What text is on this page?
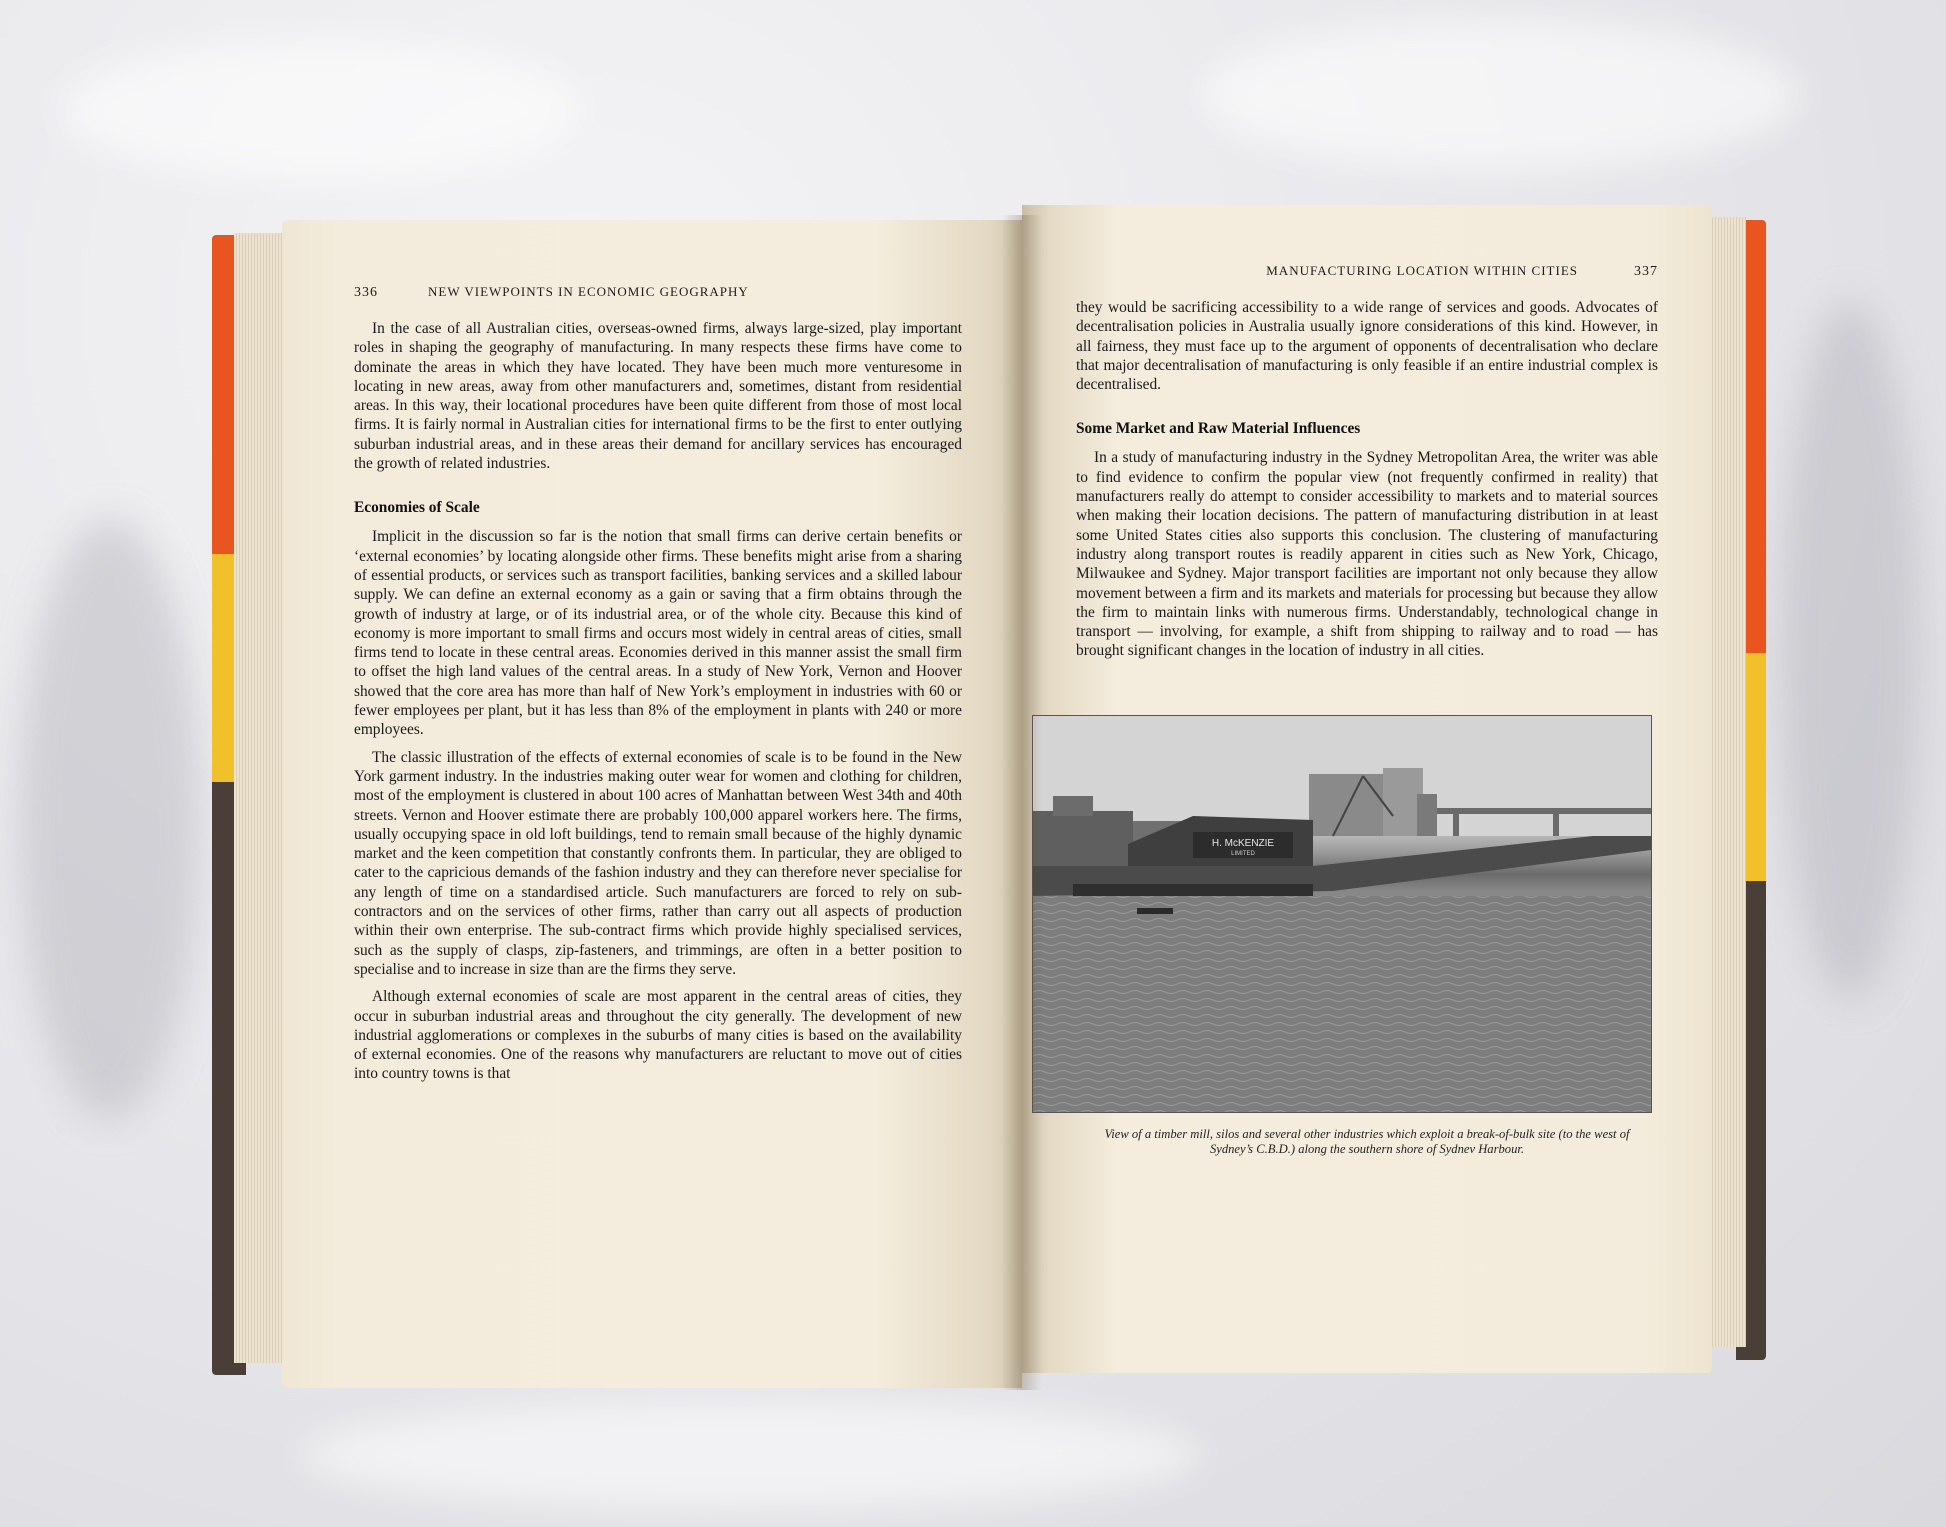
336	NEW VIEWPOINTS IN ECONOMIC GEOGRAPHY

In the case of all Australian cities, overseas-owned firms, always large-sized, play important roles in shaping the geography of manufacturing. In many respects these firms have come to dominate the areas in which they have located. They have been much more venturesome in locating in new areas, away from other manufacturers and, sometimes, distant from residential areas. In this way, their locational procedures have been quite different from those of most local firms. It is fairly normal in Australian cities for international firms to be the first to enter outlying suburban industrial areas, and in these areas their demand for ancillary services has encouraged the growth of related industries.

Economies of Scale

Implicit in the discussion so far is the notion that small firms can derive certain benefits or ‘external economies’ by locating alongside other firms. These benefits might arise from a sharing of essential products, or services such as transport facilities, banking services and a skilled labour supply. We can define an external economy as a gain or saving that a firm obtains through the growth of industry at large, or of its industrial area, or of the whole city. Because this kind of economy is more important to small firms and occurs most widely in central areas of cities, small firms tend to locate in these central areas. Economies derived in this manner assist the small firm to offset the high land values of the central areas. In a study of New York, Vernon and Hoover showed that the core area has more than half of New York’s employment in industries with 60 or fewer employees per plant, but it has less than 8% of the employment in plants with 240 or more employees.

The classic illustration of the effects of external economies of scale is to be found in the New York garment industry. In the industries making outer wear for women and clothing for children, most of the employment is clustered in about 100 acres of Manhattan between West 34th and 40th streets. Vernon and Hoover estimate there are probably 100,000 apparel workers here. The firms, usually occupying space in old loft buildings, tend to remain small because of the highly dynamic market and the keen competition that constantly confronts them. In particular, they are obliged to cater to the capricious demands of the fashion industry and they can therefore never specialise for any length of time on a standardised article. Such manufacturers are forced to rely on sub-contractors and on the services of other firms, rather than carry out all aspects of production within their own enterprise. The sub-contract firms which provide highly specialised services, such as the supply of clasps, zip-fasteners, and trimmings, are often in a better position to specialise and to increase in size than are the firms they serve.

Although external economies of scale are most apparent in the central areas of cities, they occur in suburban industrial areas and throughout the city generally. The development of new industrial agglomerations or complexes in the suburbs of many cities is based on the availability of external economies. One of the reasons why manufacturers are reluctant to move out of cities into country towns is that

MANUFACTURING LOCATION WITHIN CITIES	337

they would be sacrificing accessibility to a wide range of services and goods. Advocates of decentralisation policies in Australia usually ignore considerations of this kind. However, in all fairness, they must face up to the argument of opponents of decentralisation who declare that major decentralisation of manufacturing is only feasible if an entire industrial complex is decentralised.

Some Market and Raw Material Influences

In a study of manufacturing industry in the Sydney Metropolitan Area, the writer was able to find evidence to confirm the popular view (not frequently confirmed in reality) that manufacturers really do attempt to consider accessibility to markets and to material sources when making their location decisions. The pattern of manufacturing distribution in at least some United States cities also supports this conclusion. The clustering of manufacturing industry along transport routes is readily apparent in cities such as New York, Chicago, Milwaukee and Sydney. Major transport facilities are important not only because they allow movement between a firm and its markets and materials for processing but because they allow the firm to maintain links with numerous firms. Understandably, technological change in transport — involving, for example, a shift from shipping to railway and to road — has brought significant changes in the location of industry in all cities.

H. McKENZIE
LIMITED
View of a timber mill, silos and several other industries which exploit a break-of-bulk site (to the west of Sydney’s C.B.D.) along the southern shore of Sydnev Harbour.
